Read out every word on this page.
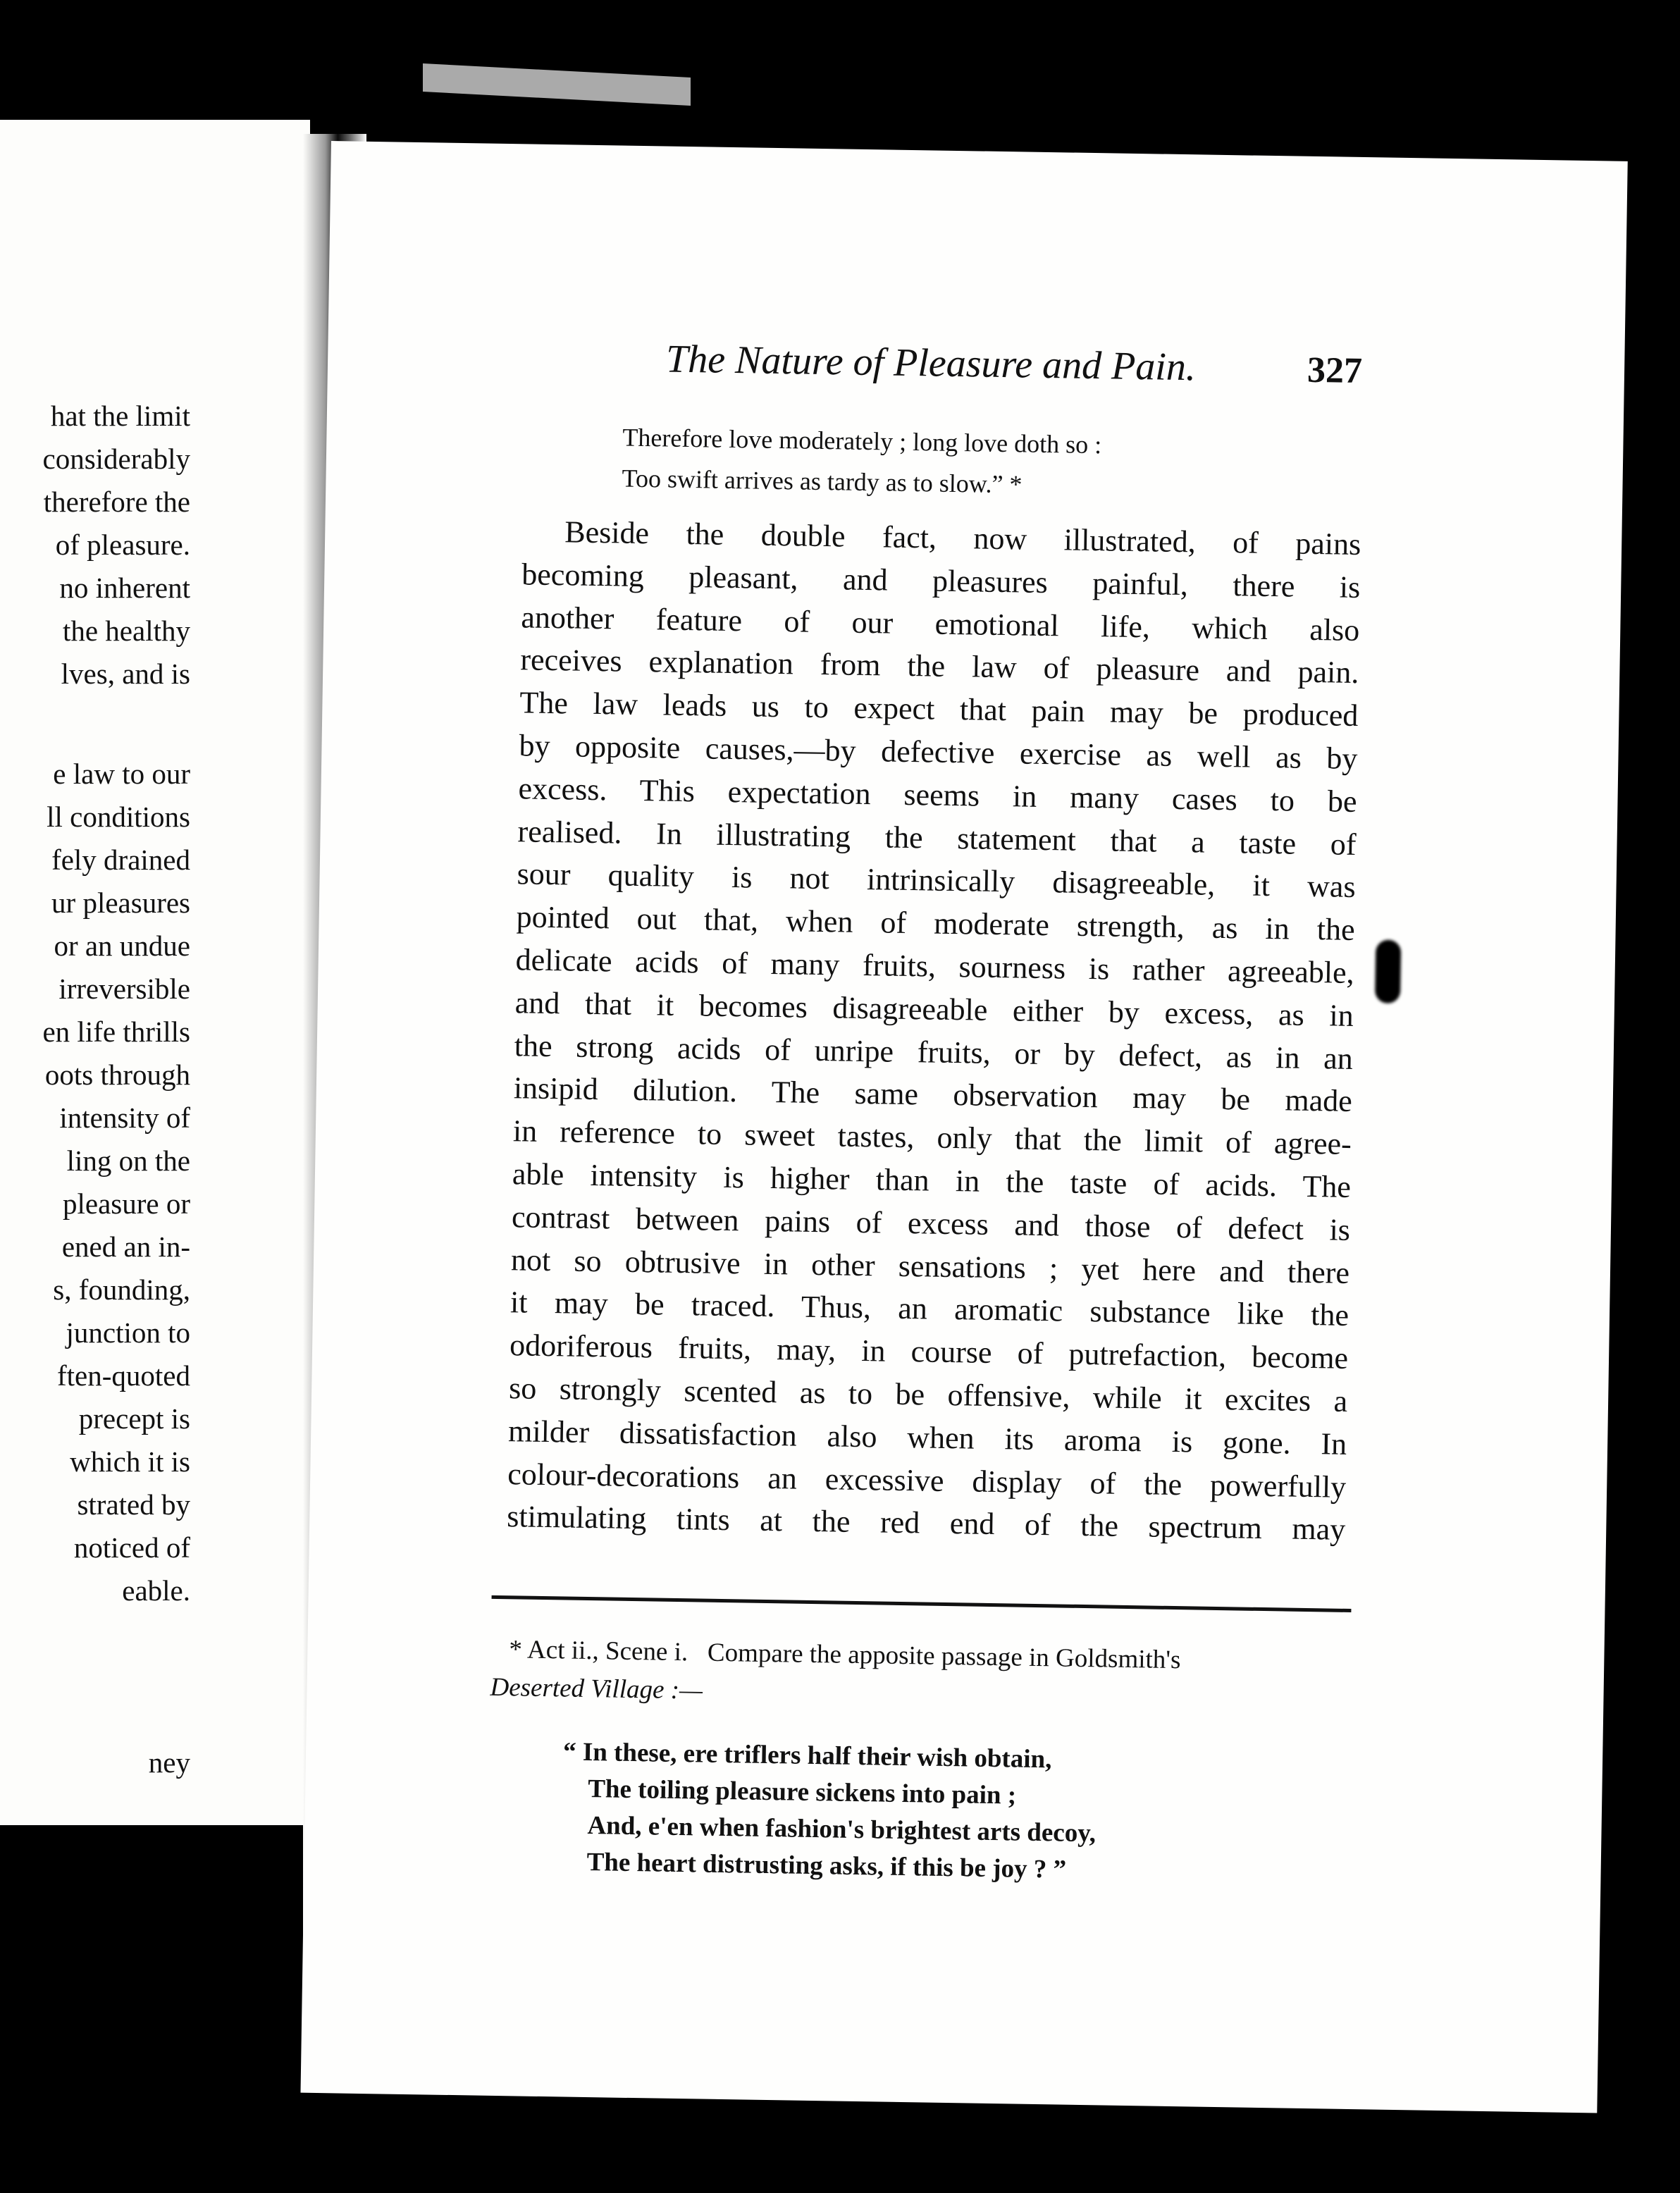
hat the limit
considerably
therefore the
of pleasure.
no inherent
the healthy
lves, and is
e law to our
ll conditions
fely drained
ur pleasures
or an undue
irreversible
en life thrills
oots through
intensity of
ling on the
pleasure or
ened an in-
s, founding,
junction to
ften-quoted
precept is
which it is
strated by
noticed of
eable.
ney
The Nature of Pleasure and Pain.	327
Therefore love moderately ; long love doth so :
Too swift arrives as tardy as to slow.” *
Beside the double fact, now illustrated, of pains
becoming pleasant, and pleasures painful, there is
another feature of our emotional life, which also
receives explanation from the law of pleasure and pain.
The law leads us to expect that pain may be produced
by opposite causes,—by defective exercise as well as by
excess. This expectation seems in many cases to be
realised. In illustrating the statement that a taste of
sour quality is not intrinsically disagreeable, it was
pointed out that, when of moderate strength, as in the
delicate acids of many fruits, sourness is rather agreeable,
and that it becomes disagreeable either by excess, as in
the strong acids of unripe fruits, or by defect, as in an
insipid dilution. The same observation may be made
in reference to sweet tastes, only that the limit of agree-
able intensity is higher than in the taste of acids. The
contrast between pains of excess and those of defect is
not so obtrusive in other sensations ; yet here and there
it may be traced. Thus, an aromatic substance like the
odoriferous fruits, may, in course of putrefaction, become
so strongly scented as to be offensive, while it excites a
milder dissatisfaction also when its aroma is gone. In
colour-decorations an excessive display of the powerfully
stimulating tints at the red end of the spectrum may
* Act ii., Scene i. Compare the apposite passage in Goldsmith's
Deserted Village :—
“ In these, ere triflers half their wish obtain,
The toiling pleasure sickens into pain ;
And, e'en when fashion's brightest arts decoy,
The heart distrusting asks, if this be joy ? ”
